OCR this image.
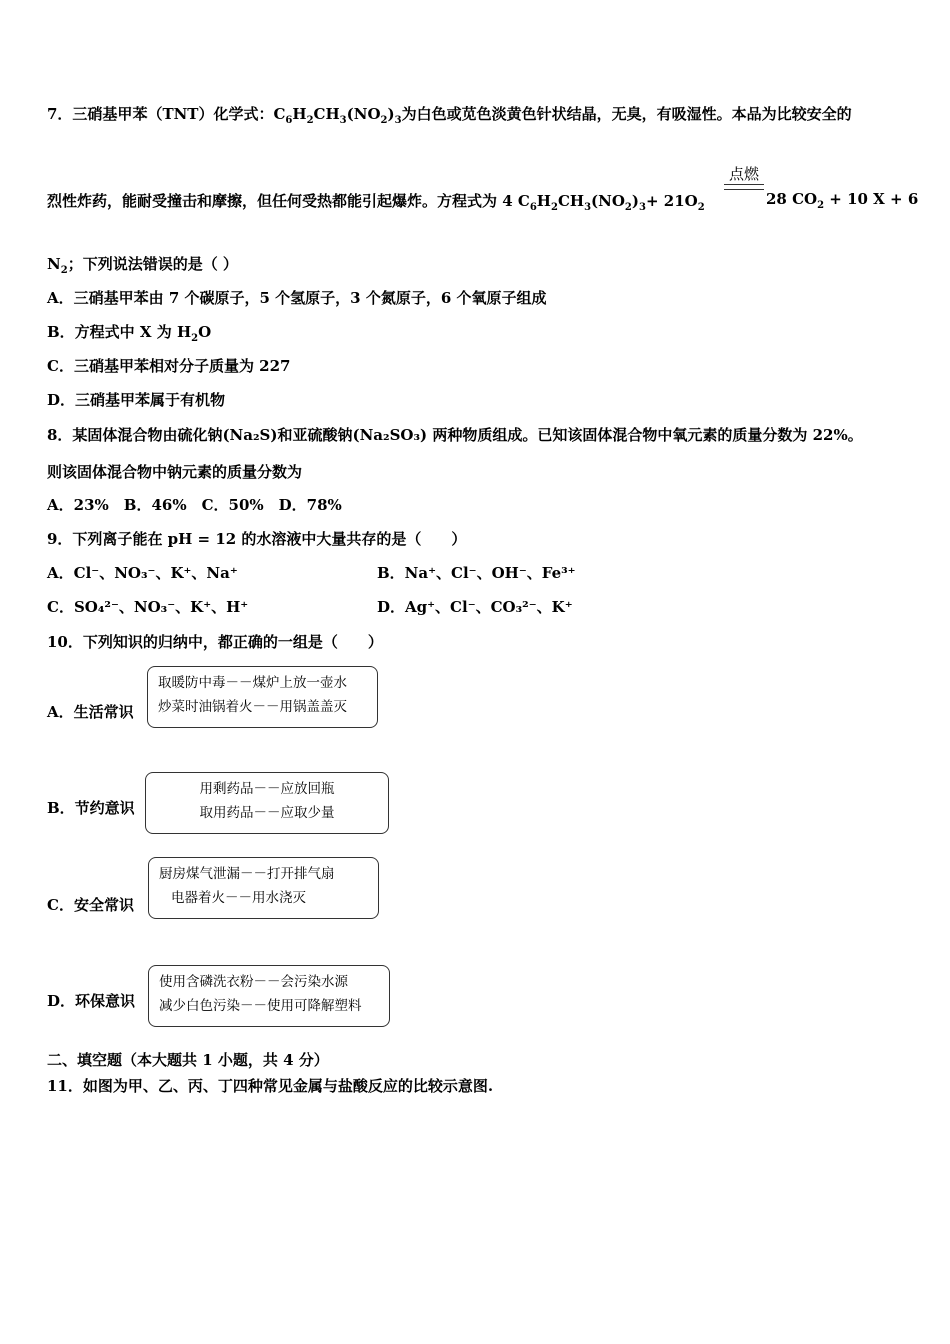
7．三硝基甲苯（TNT）化学式：$C_6H_2CH_3(NO_2)_3$为白色或苋色淡黄色针状结晶，无臭，有吸湿性。本品为比较安全的
点燃
烈性炸药，能耐受撞击和摩擦，但任何受热都能引起爆炸。方程式为 4 $C_6H_2CH_3(NO_2)_3+ 21O_2$	28 $CO_2 + 10$ X + 6
$N_2$；下列说法错误的是（ ）
A．三硝基甲苯由 7 个碳原子，5 个氢原子，3 个氮原子，6 个氧原子组成
B．方程式中 X 为 $H_2O$
C．三硝基甲苯相对分子质量为 227
D．三硝基甲苯属于有机物
8．某固体混合物由硫化钠(Na₂S)和亚硫酸钠(Na₂SO₃) 两种物质组成。已知该固体混合物中氧元素的质量分数为 22%。
则该固体混合物中钠元素的质量分数为
A．23%　B．46%　C．50%　D．78%
9．下列离子能在 pH = 12 的水溶液中大量共存的是（　　）
A．Cl⁻、NO₃⁻、K⁺、Na⁺	B．Na⁺、Cl⁻、OH⁻、Fe³⁺
C．SO₄²⁻、NO₃⁻、K⁺、H⁺	D．Ag⁺、Cl⁻、CO₃²⁻、K⁺
10．下列知识的归纳中，都正确的一组是（　　）
A．生活常识
取暖防中毒－－煤炉上放一壶水
炒菜时油锅着火－－用锅盖盖灭
B．节约意识
用剩药品－－应放回瓶
取用药品－－应取少量
C．安全常识
厨房煤气泄漏－－打开排气扇
电器着火－－用水浇灭
D．环保意识
使用含磷洗衣粉－－会污染水源
减少白色污染－－使用可降解塑料
二、填空题（本大题共 1 小题，共 4 分）
11．如图为甲、乙、丙、丁四种常见金属与盐酸反应的比较示意图.
